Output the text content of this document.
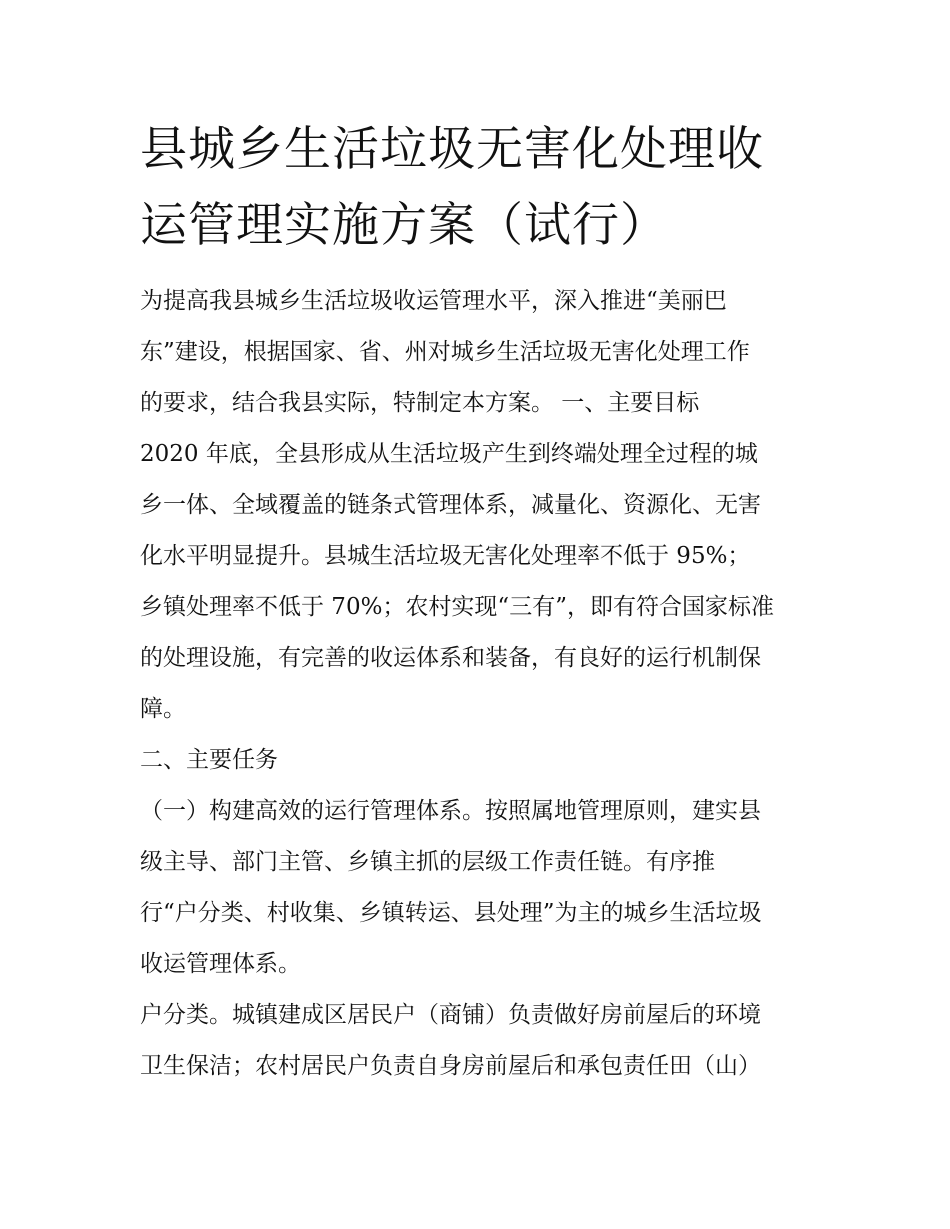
县城乡生活垃圾无害化处理收
运管理实施方案（试行）
为提高我县城乡生活垃圾收运管理水平，深入推进“美丽巴
东”建设，根据国家、省、州对城乡生活垃圾无害化处理工作
的要求，结合我县实际，特制定本方案。 一、主要目标
2020 年底，全县形成从生活垃圾产生到终端处理全过程的城
乡一体、全域覆盖的链条式管理体系，减量化、资源化、无害
化水平明显提升。县城生活垃圾无害化处理率不低于 95%；
乡镇处理率不低于 70%；农村实现“三有”，即有符合国家标准
的处理设施，有完善的收运体系和装备，有良好的运行机制保
障。
二、主要任务
（一）构建高效的运行管理体系。按照属地管理原则，建实县
级主导、部门主管、乡镇主抓的层级工作责任链。有序推
行“户分类、村收集、乡镇转运、县处理”为主的城乡生活垃圾
收运管理体系。
户分类。城镇建成区居民户（商铺）负责做好房前屋后的环境
卫生保洁；农村居民户负责自身房前屋后和承包责任田（山）
